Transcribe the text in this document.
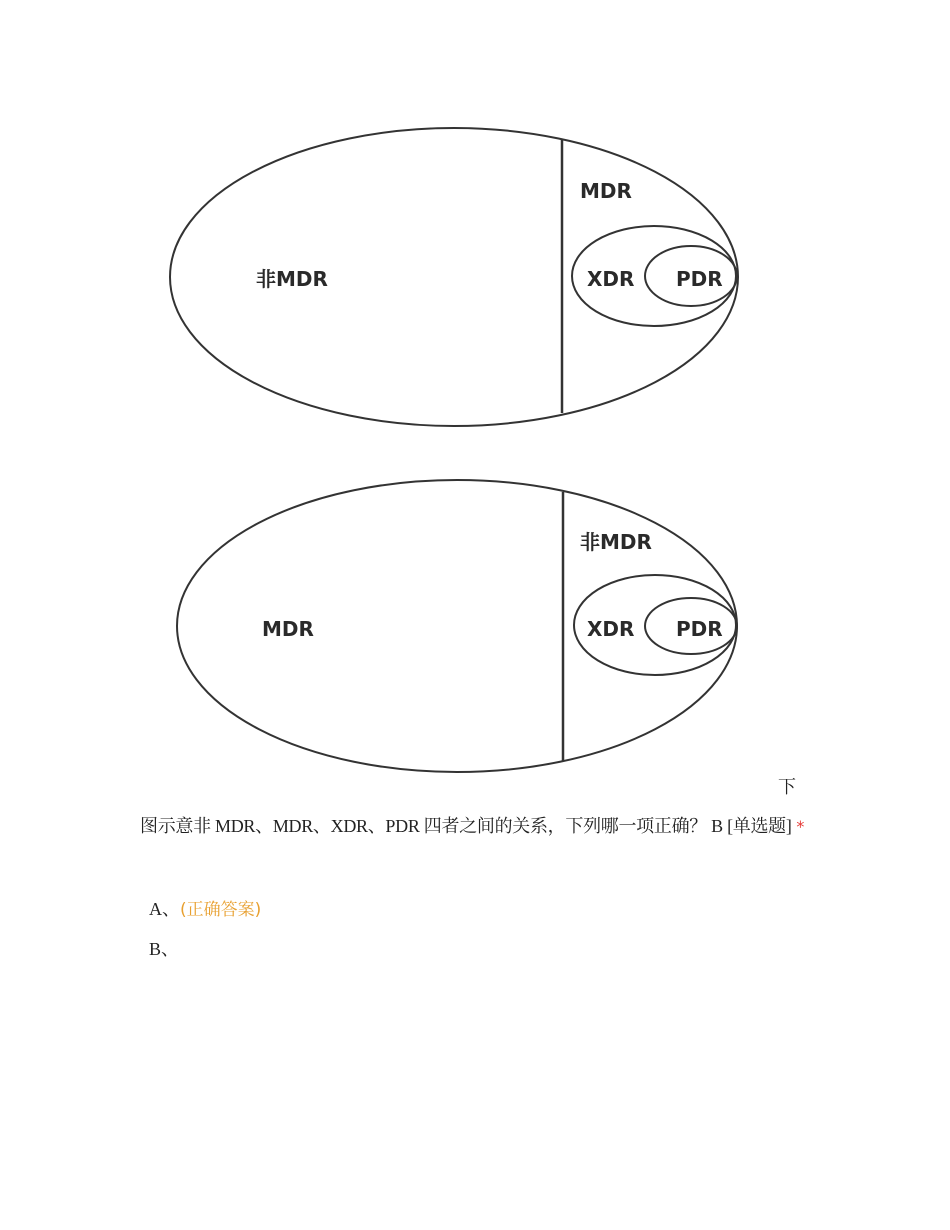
非MDR
MDR
XDR PDR
MDR
非MDR
XDR PDR
下
图示意非 MDR、MDR、XDR、PDR 四者之间的关系，下列哪一项正确？ B [单选题] *
A、(正确答案)
B、
